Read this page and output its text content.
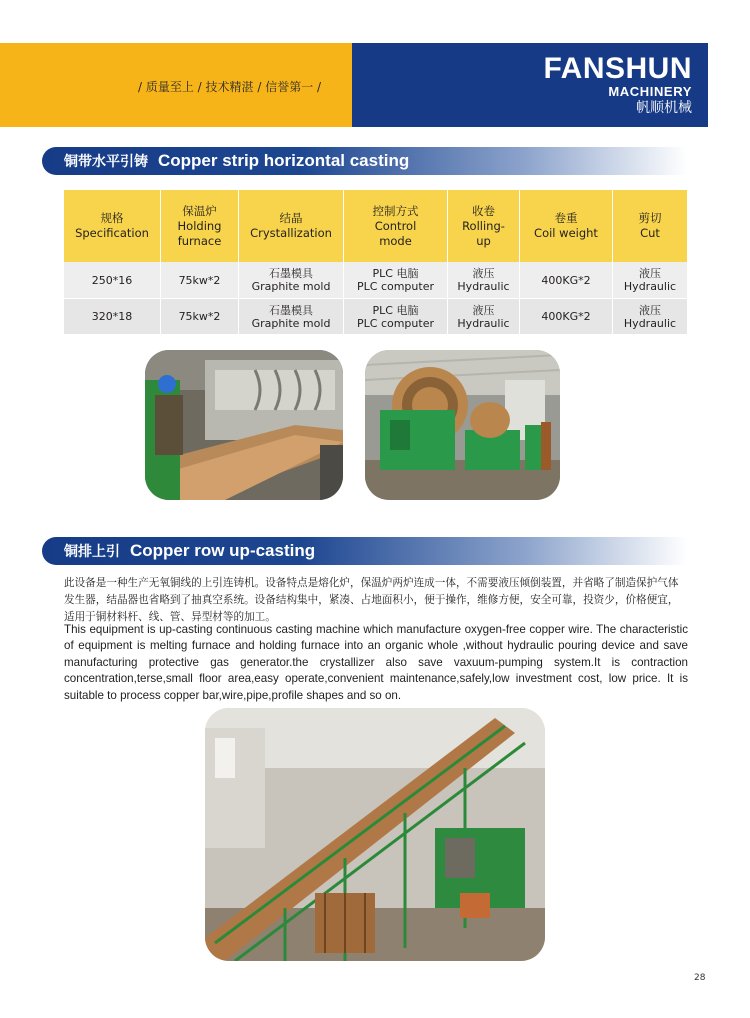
/ 质量至上 / 技术精湛 / 信誉第一 /
FANSHUN
MACHINERY
帆顺机械
铜带水平引铸 Copper strip horizontal casting
规格
Specification	保温炉
Holding
furnace	结晶
Crystallization	控制方式
Control
mode	收卷
Rolling-
up	卷重
Coil weight	剪切
Cut

250*16	75kw*2	石墨模具
Graphite mold	PLC 电脑
PLC computer	液压
Hydraulic	400KG*2	液压
Hydraulic

320*18	75kw*2	石墨模具
Graphite mold	PLC 电脑
PLC computer	液压
Hydraulic	400KG*2	液压
Hydraulic
铜排上引 Copper row up-casting

此设备是一种生产无氧铜线的上引连铸机。设备特点是熔化炉，保温炉两炉连成一体，不需要液压倾倒装置，并省略了制造保护气体发生器，结晶器也省略到了抽真空系统。设备结构集中，紧凑、占地面积小，便于操作，维修方便，安全可靠，投资少，价格便宜，适用于铜材料杆、线、管、异型材等的加工。

This equipment is up-casting continuous casting machine which manufacture oxygen-free copper wire. The characteristic of equipment is melting furnace and holding furnace into an organic whole ,without hydraulic pouring device and save manufacturing protective gas generator.the crystallizer also save vaxuum-pumping system.It is contraction concentration,terse,small floor area,easy operate,convenient maintenance,safely,low investment cost, low price. It is suitable to process copper bar,wire,pipe,profile shapes and so on.

28
